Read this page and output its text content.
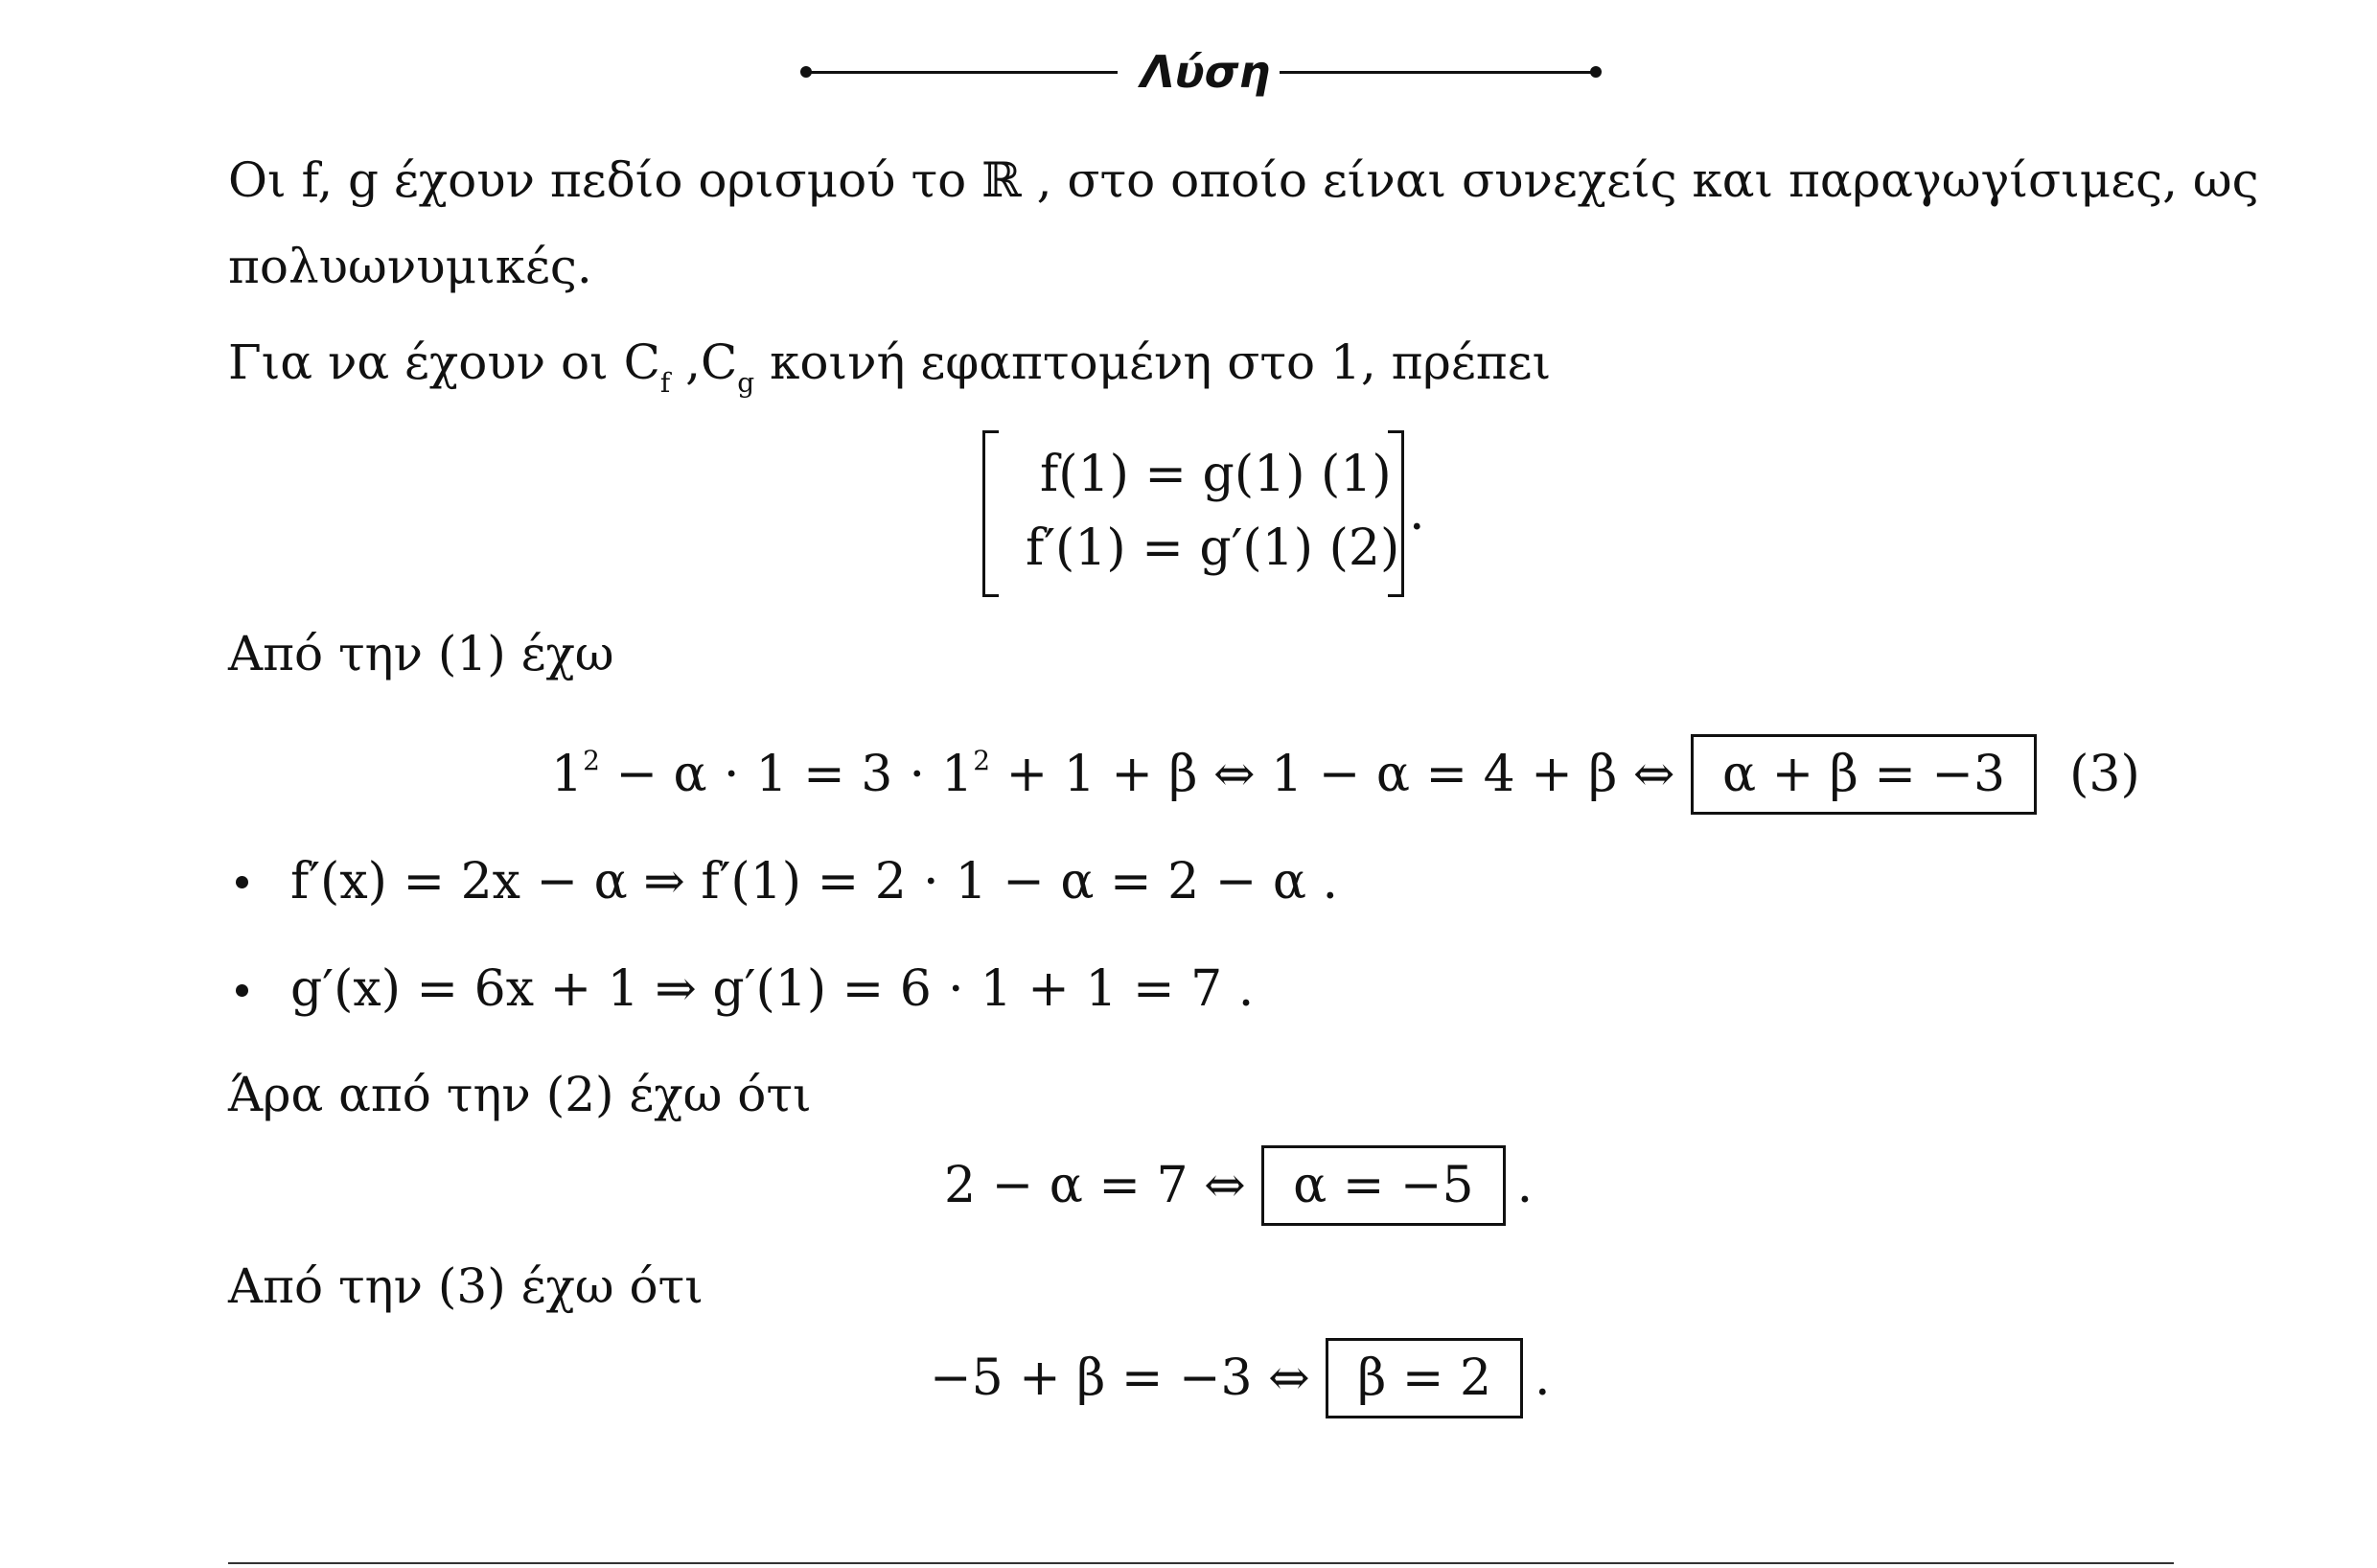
Λύση
Οι f, g έχουν πεδίο ορισμού το ℝ , στο οποίο είναι συνεχείς και παραγωγίσιμες, ως
πολυωνυμικές.
Για να έχουν οι $C_f$ $,C_g$ κοινή εφαπτομένη στο 1, πρέπει
f(1) = g(1) (1)
f′(1) = g′(1) (2)
.
Από την (1) έχω
$1^2 - \alpha \cdot 1 = 3 \cdot 1^2 + 1 + \beta$ ⇔ 1 − α = 4 + β ⇔ α + β = −3 (3)
f′(x) = 2x − α ⇒ f′(1) = 2 ⋅ 1 − α = 2 − α .
g′(x) = 6x + 1 ⇒ g′(1) = 6 ⋅ 1 + 1 = 7 .
Άρα από την (2) έχω ότι
2 − α = 7 ⇔ α = −5 .
Από την (3) έχω ότι
−5 + β = −3 ⇔ β = 2 .
